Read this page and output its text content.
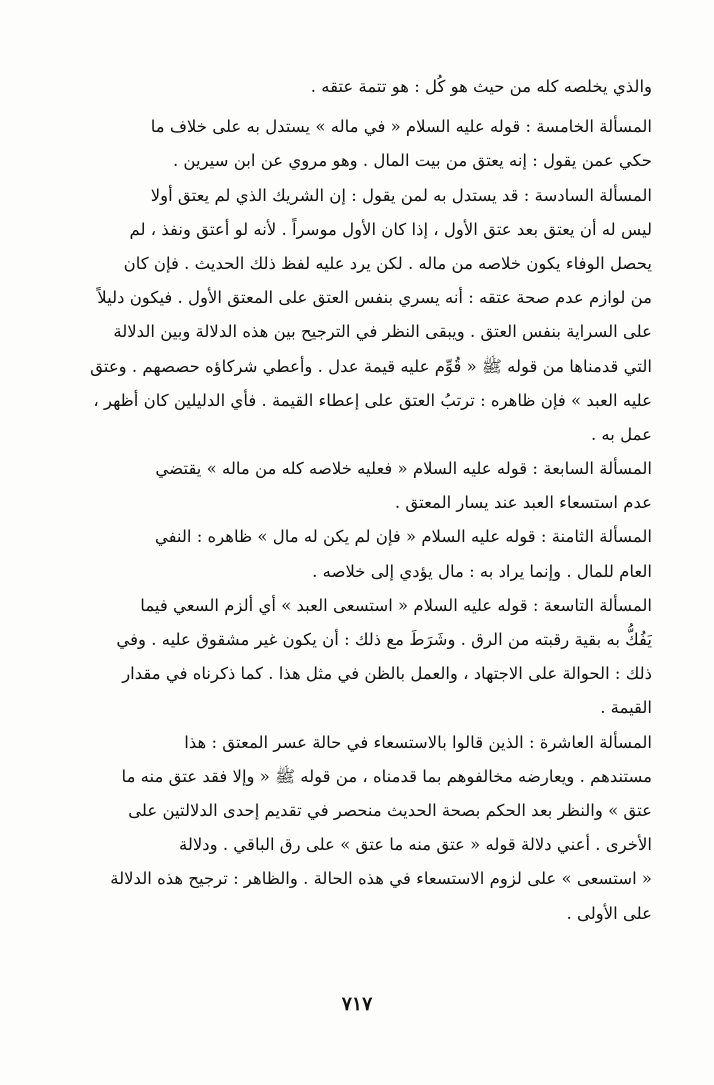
والذي يخلصه كله من حيث هو كُل : هو تتمة عتقه .
المسألة الخامسة : قوله عليه السلام « في ماله » يستدل به على خلاف ما
حكي عمن يقول : إنه يعتق من بيت المال . وهو مروي عن ابن سيرين .
المسألة السادسة : قد يستدل به لمن يقول : إن الشريك الذي لم يعتق أولا
ليس له أن يعتق بعد عتق الأول ، إذا كان الأول موسراً . لأنه لو أعتق ونفذ ، لم
يحصل الوفاء يكون خلاصه من ماله . لكن يرد عليه لفظ ذلك الحديث . فإن كان
من لوازم عدم صحة عتقه : أنه يسري بنفس العتق على المعتق الأول . فيكون دليلاً
على السراية بنفس العتق . ويبقى النظر في الترجيح بين هذه الدلالة وبين الدلالة
التي قدمناها من قوله ﷺ « قُوِّم عليه قيمة عدل . وأعطي شركاؤه حصصهم . وعتق
عليه العبد » فإن ظاهره : ترتبُ العتق على إعطاء القيمة . فأي الدليلين كان أظهر ،
عمل به .
المسألة السابعة : قوله عليه السلام « فعليه خلاصه كله من ماله » يقتضي
عدم استسعاء العبد عند يسار المعتق .
المسألة الثامنة : قوله عليه السلام « فإن لم يكن له مال » ظاهره : النفي
العام للمال . وإنما يراد به : مال يؤدي إلى خلاصه .
المسألة التاسعة : قوله عليه السلام « استسعى العبد » أي ألزم السعي فيما
يَفُكُّ به بقية رقبته من الرق . وشَرَطَ مع ذلك : أن يكون غير مشقوق عليه . وفي
ذلك : الحوالة على الاجتهاد ، والعمل بالظن في مثل هذا . كما ذكرناه في مقدار
القيمة .
المسألة العاشرة : الذين قالوا بالاستسعاء في حالة عسر المعتق : هذا
مستندهم . ويعارضه مخالفوهم بما قدمناه ، من قوله ﷺ « وإلا فقد عتق منه ما
عتق » والنظر بعد الحكم بصحة الحديث منحصر في تقديم إحدى الدلالتين على
الأخرى . أعني دلالة قوله « عتق منه ما عتق » على رق الباقي . ودلالة
« استسعى » على لزوم الاستسعاء في هذه الحالة . والظاهر : ترجيح هذه الدلالة
على الأولى .
٧١٧
